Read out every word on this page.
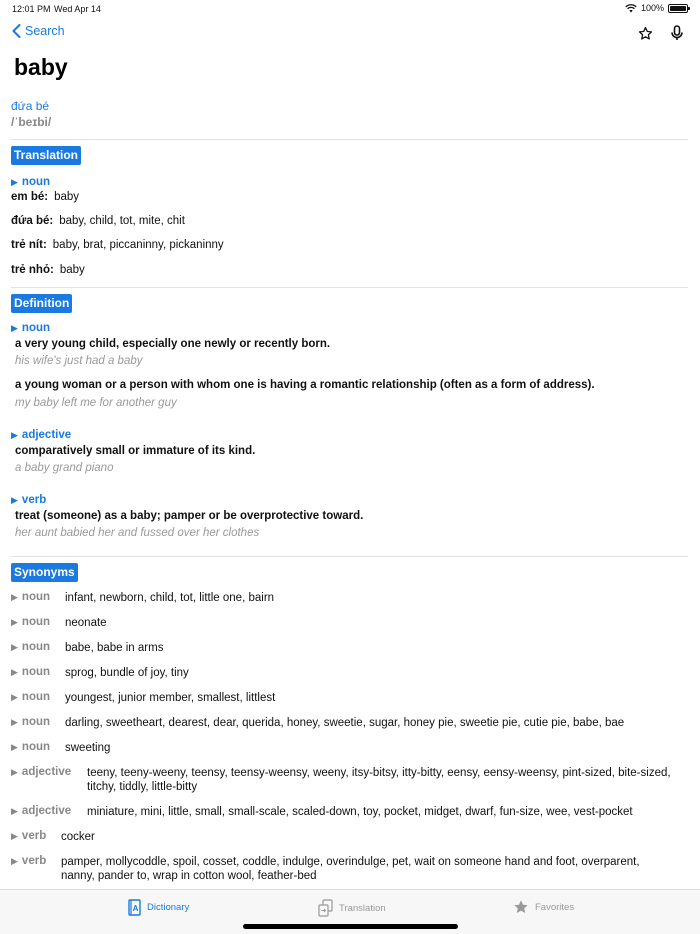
12:01 PM Wed Apr 14	100%
Search
baby
đứa bé
/ˈbeɪbi/
Translation
▶ noun
em bé: baby
đứa bé: baby, child, tot, mite, chit
trẻ nít: baby, brat, piccaninny, pickaninny
trẻ nhỏ: baby
Definition
▶ noun
a very young child, especially one newly or recently born.
his wife's just had a baby
a young woman or a person with whom one is having a romantic relationship (often as a form of address).
my baby left me for another guy
▶ adjective
comparatively small or immature of its kind.
a baby grand piano
▶ verb
treat (someone) as a baby; pamper or be overprotective toward.
her aunt babied her and fussed over her clothes
Synonyms
▶ noun	infant, newborn, child, tot, little one, bairn
▶ noun	neonate
▶ noun	babe, babe in arms
▶ noun	sprog, bundle of joy, tiny
▶ noun	youngest, junior member, smallest, littlest
▶ noun	darling, sweetheart, dearest, dear, querida, honey, sweetie, sugar, honey pie, sweetie pie, cutie pie, babe, bae
▶ noun	sweeting
▶ adjective	teeny, teeny-weeny, teensy, teensy-weensy, weeny, itsy-bitsy, itty-bitty, eensy, eensy-weensy, pint-sized, bite-sized, titchy, tiddly, little-bitty
▶ adjective	miniature, mini, little, small, small-scale, scaled-down, toy, pocket, midget, dwarf, fun-size, wee, vest-pocket
▶ verb	cocker
▶ verb	pamper, mollycoddle, spoil, cosset, coddle, indulge, overindulge, pet, wait on someone hand and foot, overparent, nanny, pander to, wrap in cotton wool, feather-bed
A Dictionary	Translation	Favorites
